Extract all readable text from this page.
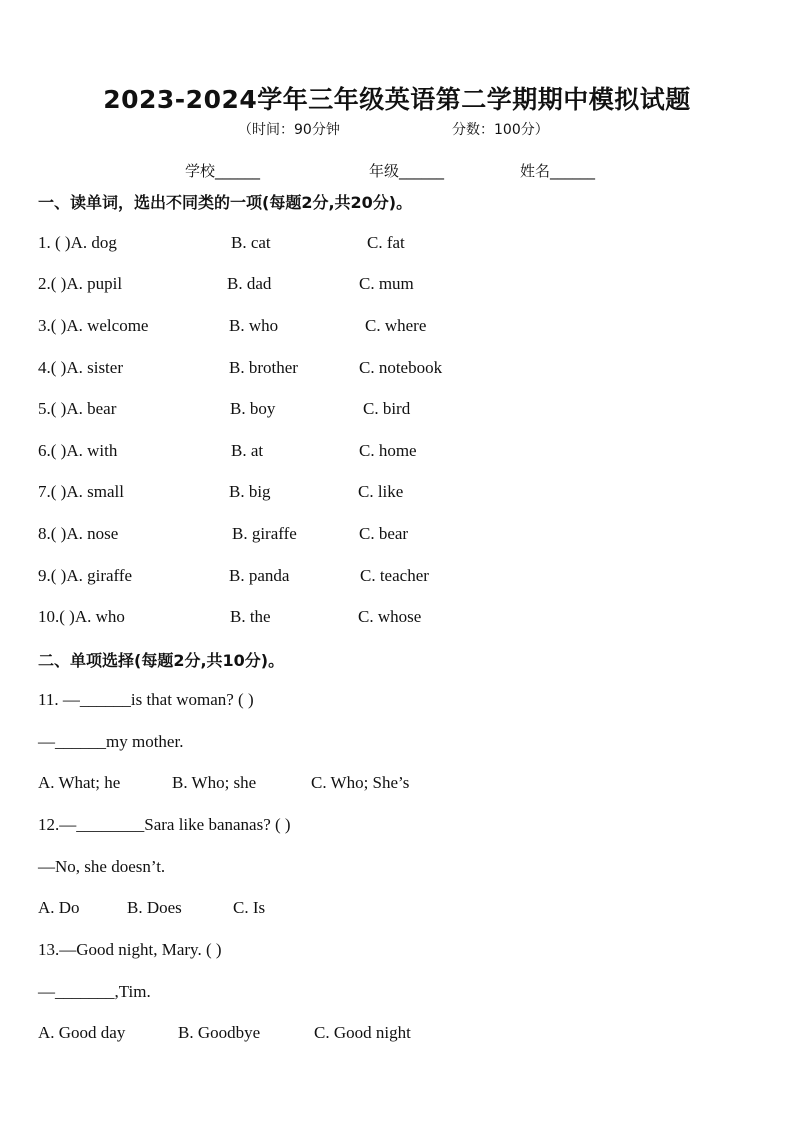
2023-2024学年三年级英语第二学期期中模拟试题
（时间：90分钟	分数：100分）
学校______	年级______	姓名______
一、读单词，选出不同类的一项(每题2分,共20分)。
1. ( )A. dog	B. cat	C. fat
2.( )A. pupil	B. dad	C. mum
3.( )A. welcome	B. who	C. where
4.( )A. sister	B. brother	C. notebook
5.( )A. bear	B. boy	C. bird
6.( )A. with	B. at	C. home
7.( )A. small	B. big	C. like
8.( )A. nose	B. giraffe	C. bear
9.( )A. giraffe	B. panda	C. teacher
10.( )A. who	B. the	C. whose
二、单项选择(每题2分,共10分)。
11. —______is that woman? ( )
—______my mother.
A. What; he	B. Who; she	C. Who; She’s
12.—________Sara like bananas? ( )
—No, she doesn’t.
A. Do	B. Does	C. Is
13.—Good night, Mary. ( )
—_______,Tim.
A. Good day	B. Goodbye	C. Good night
